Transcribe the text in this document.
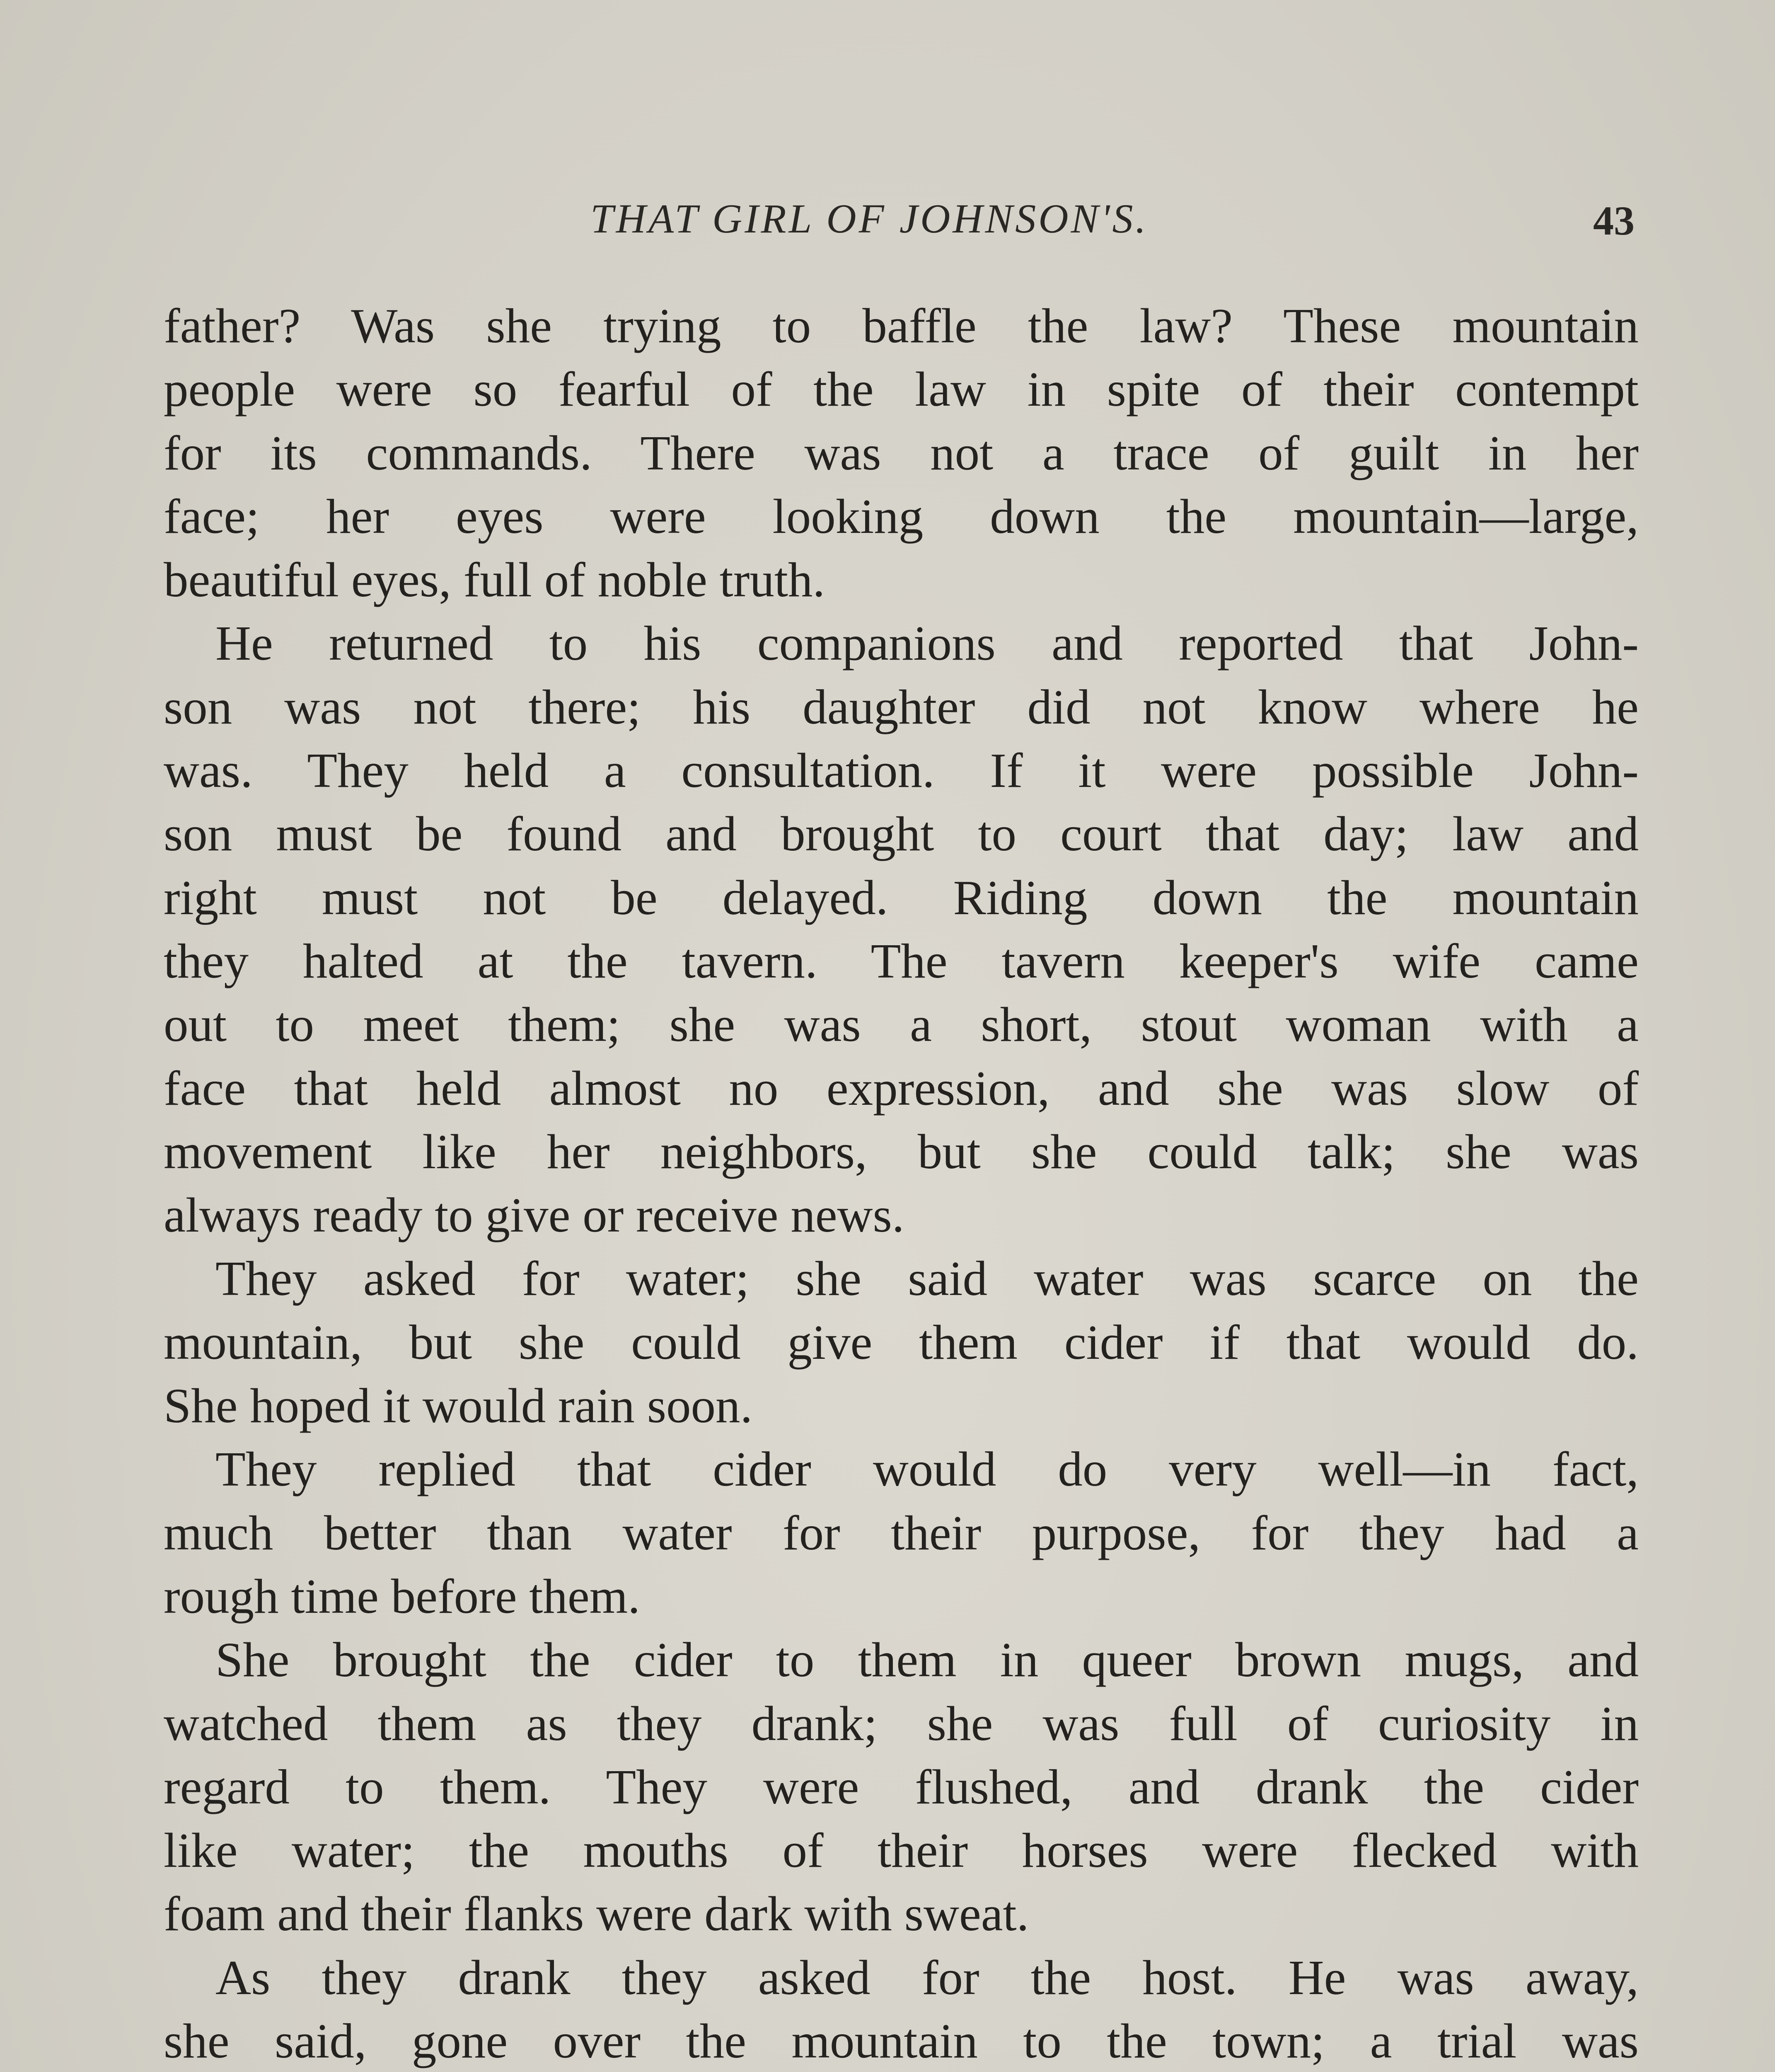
THAT GIRL OF JOHNSON'S.	43
father? Was she trying to baffle the law? These mountain
people were so fearful of the law in spite of their contempt
for its commands. There was not a trace of guilt in her
face; her eyes were looking down the mountain—large,
beautiful eyes, full of noble truth.
He returned to his companions and reported that John-
son was not there; his daughter did not know where he
was. They held a consultation. If it were possible John-
son must be found and brought to court that day; law and
right must not be delayed. Riding down the mountain
they halted at the tavern. The tavern keeper's wife came
out to meet them; she was a short, stout woman with a
face that held almost no expression, and she was slow of
movement like her neighbors, but she could talk; she was
always ready to give or receive news.
They asked for water; she said water was scarce on the
mountain, but she could give them cider if that would do.
She hoped it would rain soon.
They replied that cider would do very well—in fact,
much better than water for their purpose, for they had a
rough time before them.
She brought the cider to them in queer brown mugs, and
watched them as they drank; she was full of curiosity in
regard to them. They were flushed, and drank the cider
like water; the mouths of their horses were flecked with
foam and their flanks were dark with sweat.
As they drank they asked for the host. He was away,
she said, gone over the mountain to the town; a trial was
